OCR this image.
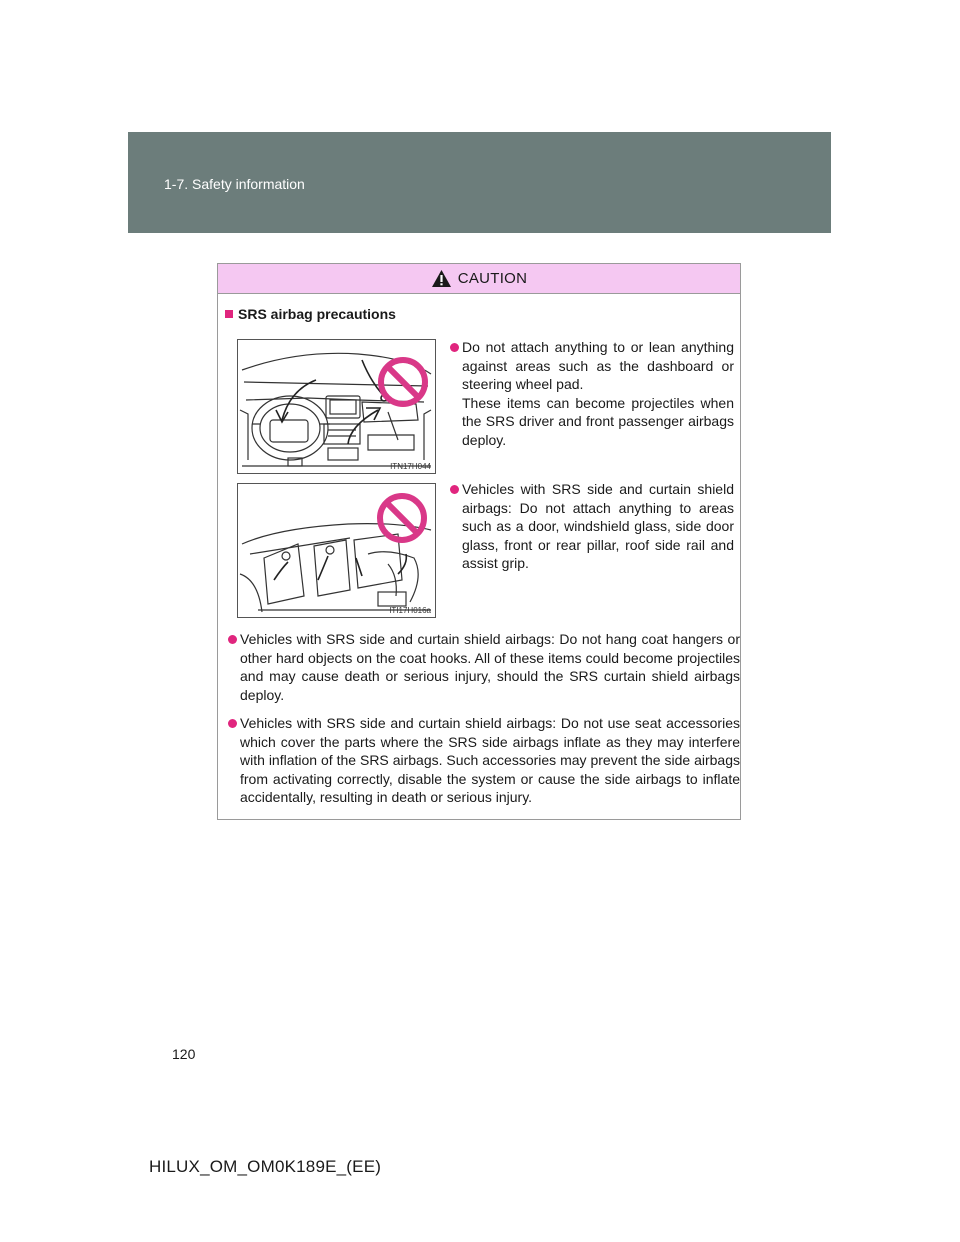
1-7. Safety information
CAUTION
SRS airbag precautions
ITN17H044
Do not attach anything to or lean anything against areas such as the dashboard or steering wheel pad.
These items can become projectiles when the SRS driver and front passenger airbags deploy.
ITI17H016a
Vehicles with SRS side and curtain shield airbags: Do not attach anything to areas such as a door, windshield glass, side door glass, front or rear pillar, roof side rail and assist grip.
Vehicles with SRS side and curtain shield airbags: Do not hang coat hangers or other hard objects on the coat hooks. All of these items could become projectiles and may cause death or serious injury, should the SRS curtain shield airbags deploy.
Vehicles with SRS side and curtain shield airbags: Do not use seat accessories which cover the parts where the SRS side airbags inflate as they may interfere with inflation of the SRS airbags. Such accessories may prevent the side airbags from activating correctly, disable the system or cause the side airbags to inflate accidentally, resulting in death or serious injury.
120
HILUX_OM_OM0K189E_(EE)
